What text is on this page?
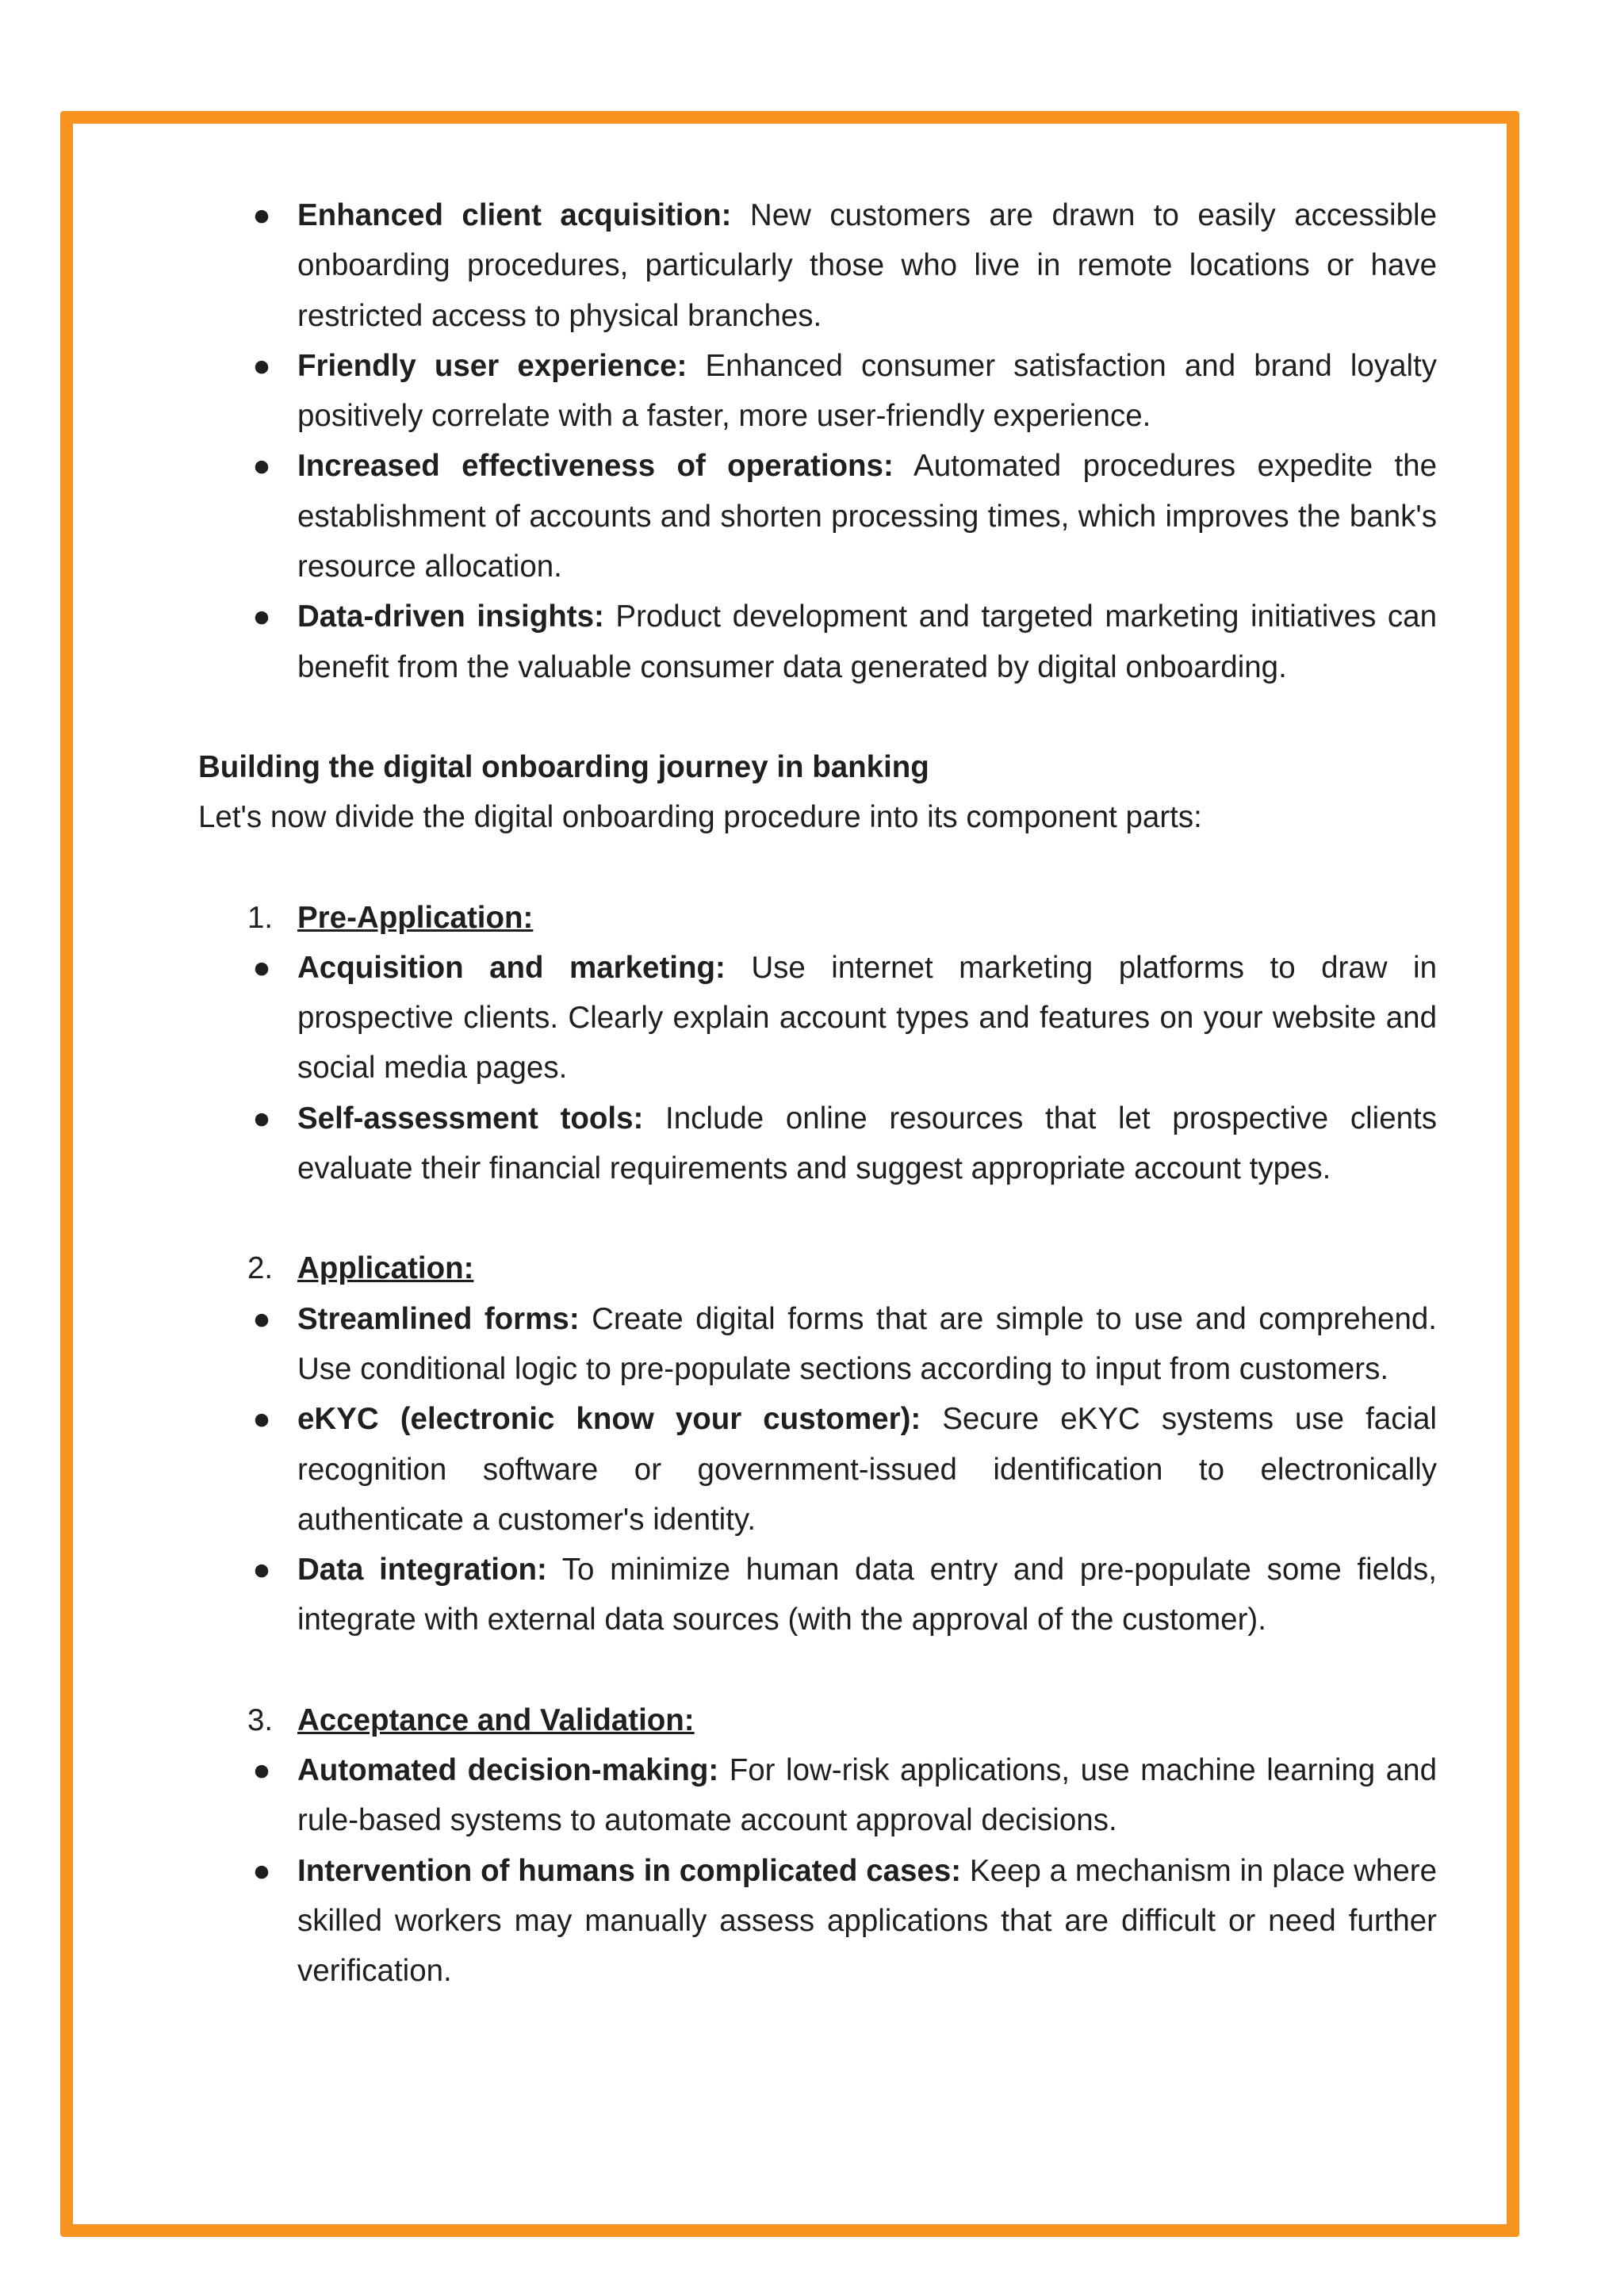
● Enhanced client acquisition: New customers are drawn to easily accessible onboarding procedures, particularly those who live in remote locations or have restricted access to physical branches.
● Friendly user experience: Enhanced consumer satisfaction and brand loyalty positively correlate with a faster, more user-friendly experience.
● Increased effectiveness of operations: Automated procedures expedite the establishment of accounts and shorten processing times, which improves the bank's resource allocation.
● Data-driven insights: Product development and targeted marketing initiatives can benefit from the valuable consumer data generated by digital onboarding.
Building the digital onboarding journey in banking
Let's now divide the digital onboarding procedure into its component parts:
1. Pre-Application:
● Acquisition and marketing: Use internet marketing platforms to draw in prospective clients. Clearly explain account types and features on your website and social media pages.
● Self-assessment tools: Include online resources that let prospective clients evaluate their financial requirements and suggest appropriate account types.
2. Application:
● Streamlined forms: Create digital forms that are simple to use and comprehend. Use conditional logic to pre-populate sections according to input from customers.
● eKYC (electronic know your customer): Secure eKYC systems use facial recognition software or government-issued identification to electronically authenticate a customer's identity.
● Data integration: To minimize human data entry and pre-populate some fields, integrate with external data sources (with the approval of the customer).
3. Acceptance and Validation:
● Automated decision-making: For low-risk applications, use machine learning and rule-based systems to automate account approval decisions.
● Intervention of humans in complicated cases: Keep a mechanism in place where skilled workers may manually assess applications that are difficult or need further verification.
